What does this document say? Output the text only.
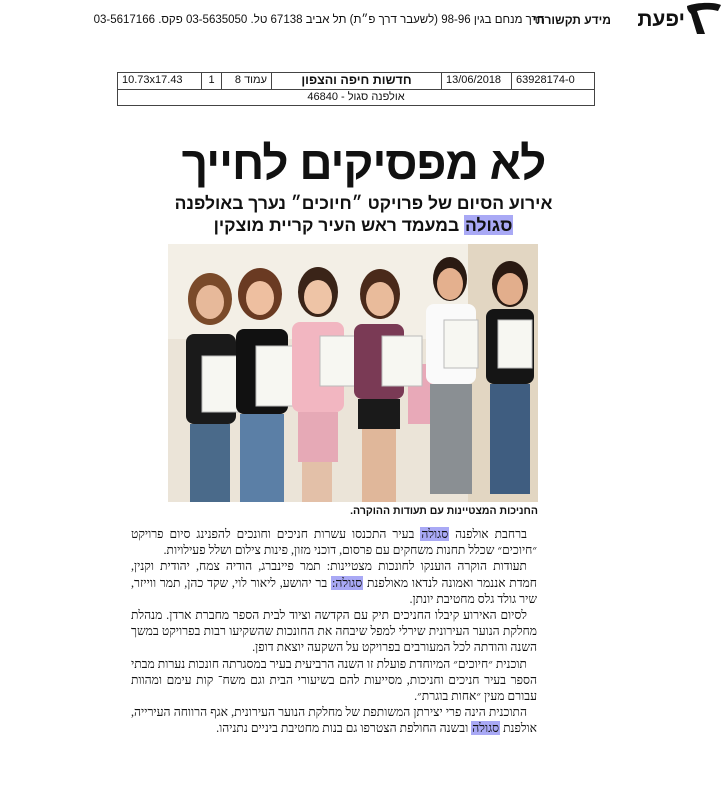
יפעת
מידע תקשורתי
דרך מנחם בגין 98-96 (לשעבר דרך פ״ת) תל אביב 67138 טל. 03-5635050 פקס. 03-5617166
10.73x17.43	1	עמוד 8	חדשות חיפה והצפון	13/06/2018	63928174-0
אולפנה סגול - 46840
לא מפסיקים לחייך
אירוע הסיום של פרויקט ״חיוכים״ נערך באולפנה
סגולה במעמד ראש העיר קריית מוצקין
החניכות המצטיינות עם תעודות ההוקרה.

ברחבת אולפנה סגולה בעיר התכנסו עשרות חניכים וחונכים להפנינג סיום פרויקט ״חיוכים״ שכלל תחנות משחקים עם פרסום, דוכני מזון, פינות צילום ושלל פעילויות.

תעודות הוקרה הוענקו לחונכות מצטיינות: תמר פיינברג, הודיה צמח, יהודית וקנין, חמדת אננמר ואמונה לנדאו מאולפנת סגולה: בר יהושע, ליאור לוי, שקד כהן, תמר ווייזר, שיר גולד גלס מחטיבת יונתן.

לסיום האירוע קיבלו החניכים תיק עם הקדשה וציוד לבית הספר מחברת ארדן. מנהלת מחלקת הנוער העירונית שירלי למפל שיבחה את החונכות שהשקיעו רבות בפרויקט במשך השנה והודתה לכל המעורבים בפרויקט על השקעה יוצאת דופן.

תוכנית ״חיוכים״ המיוחדת פועלת זו השנה הרביעית בעיר במסגרתה חונכות נערות מבתי הספר בעיר חניכים וחניכות, מסייעות להם בשיעורי הבית וגם משח־ קות עימם ומהוות עבורם מעין ״אחות בוגרת״.

התוכנית הינה פרי יצירתן המשותפת של מחלקת הנוער העירונית, אגף הרווחה העירייה, אולפנת סגולה ובשנה החולפת הצטרפו גם בנות מחטיבת ביניים נתניהו.
